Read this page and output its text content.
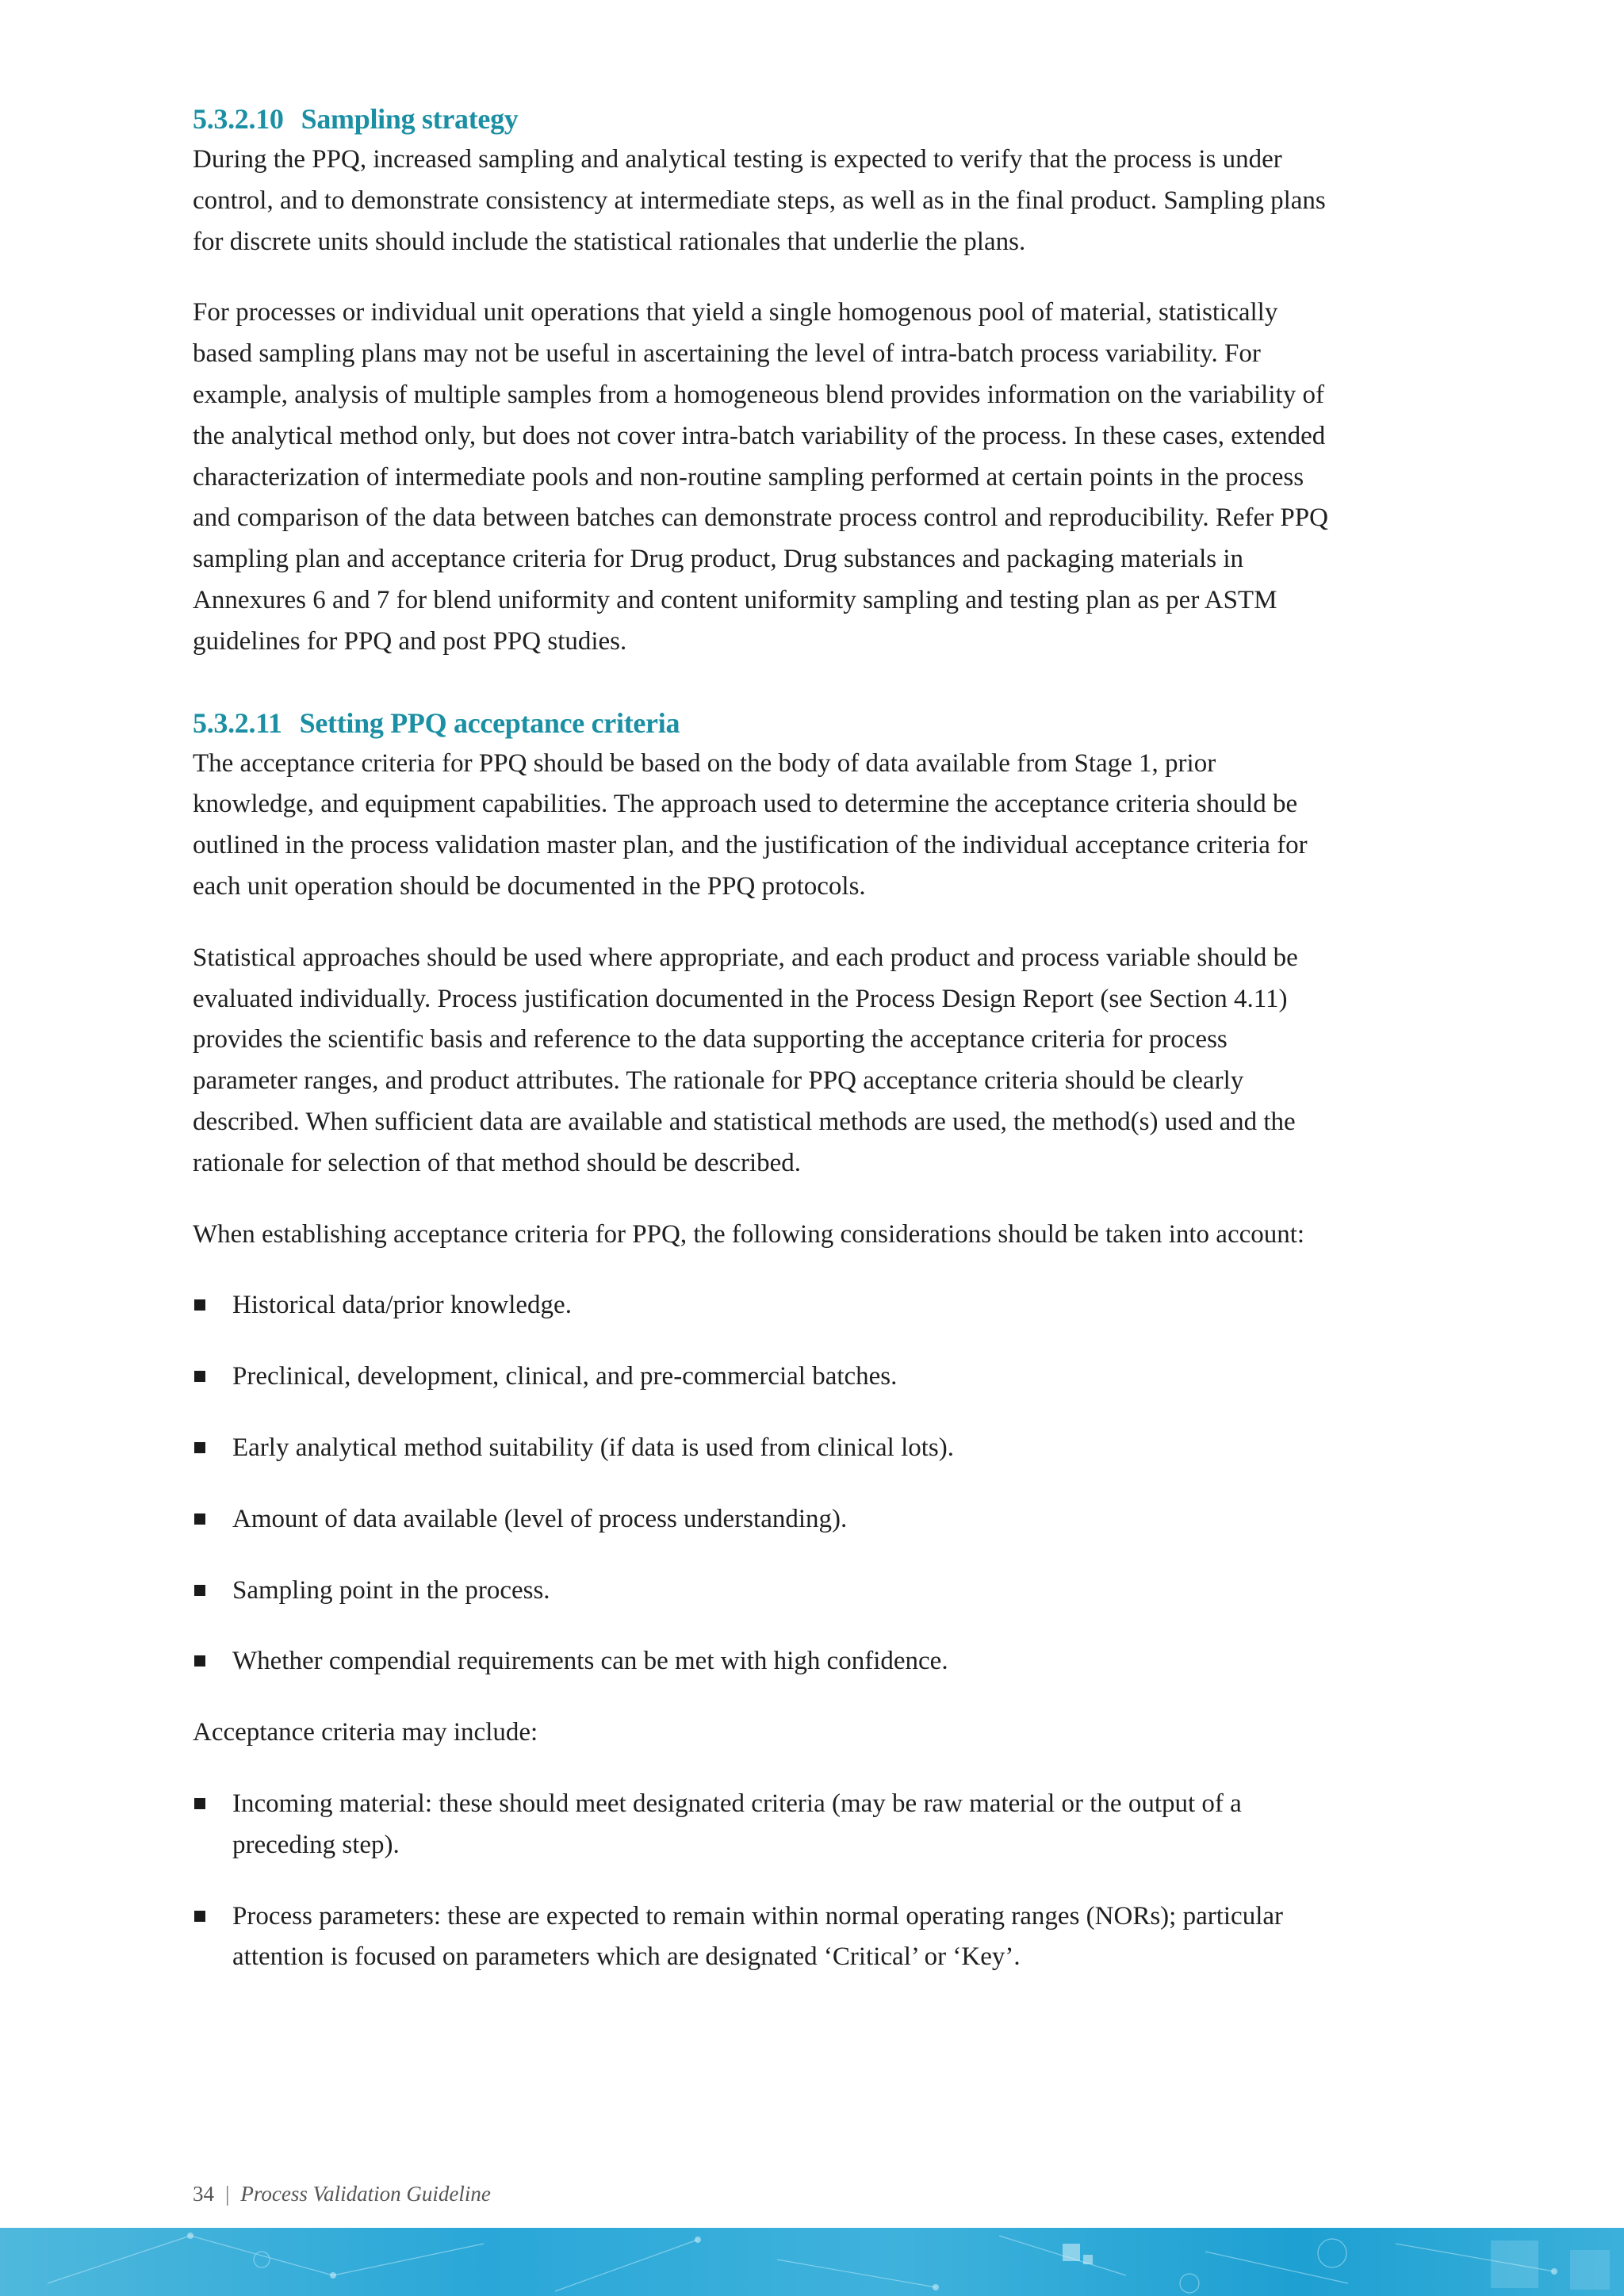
5.3.2.10 Sampling strategy

During the PPQ, increased sampling and analytical testing is expected to verify that the process is under control, and to demonstrate consistency at intermediate steps, as well as in the final product. Sampling plans for discrete units should include the statistical rationales that underlie the plans.

For processes or individual unit operations that yield a single homogenous pool of material, statistically based sampling plans may not be useful in ascertaining the level of intra-batch process variability. For example, analysis of multiple samples from a homogeneous blend provides information on the variability of the analytical method only, but does not cover intra-batch variability of the process. In these cases, extended characterization of intermediate pools and non-routine sampling performed at certain points in the process and comparison of the data between batches can demonstrate process control and reproducibility. Refer PPQ sampling plan and acceptance criteria for Drug product, Drug substances and packaging materials in Annexures 6 and 7 for blend uniformity and content uniformity sampling and testing plan as per ASTM guidelines for PPQ and post PPQ studies.

5.3.2.11 Setting PPQ acceptance criteria

The acceptance criteria for PPQ should be based on the body of data available from Stage 1, prior knowledge, and equipment capabilities. The approach used to determine the acceptance criteria should be outlined in the process validation master plan, and the justification of the individual acceptance criteria for each unit operation should be documented in the PPQ protocols.

Statistical approaches should be used where appropriate, and each product and process variable should be evaluated individually. Process justification documented in the Process Design Report (see Section 4.11) provides the scientific basis and reference to the data supporting the acceptance criteria for process parameter ranges, and product attributes. The rationale for PPQ acceptance criteria should be clearly described. When sufficient data are available and statistical methods are used, the method(s) used and the rationale for selection of that method should be described.

When establishing acceptance criteria for PPQ, the following considerations should be taken into account:

Historical data/prior knowledge.
Preclinical, development, clinical, and pre-commercial batches.
Early analytical method suitability (if data is used from clinical lots).
Amount of data available (level of process understanding).
Sampling point in the process.
Whether compendial requirements can be met with high confidence.

Acceptance criteria may include:

Incoming material: these should meet designated criteria (may be raw material or the output of a preceding step).
Process parameters: these are expected to remain within normal operating ranges (NORs); particular attention is focused on parameters which are designated ‘Critical’ or ‘Key’.
34 | Process Validation Guideline
